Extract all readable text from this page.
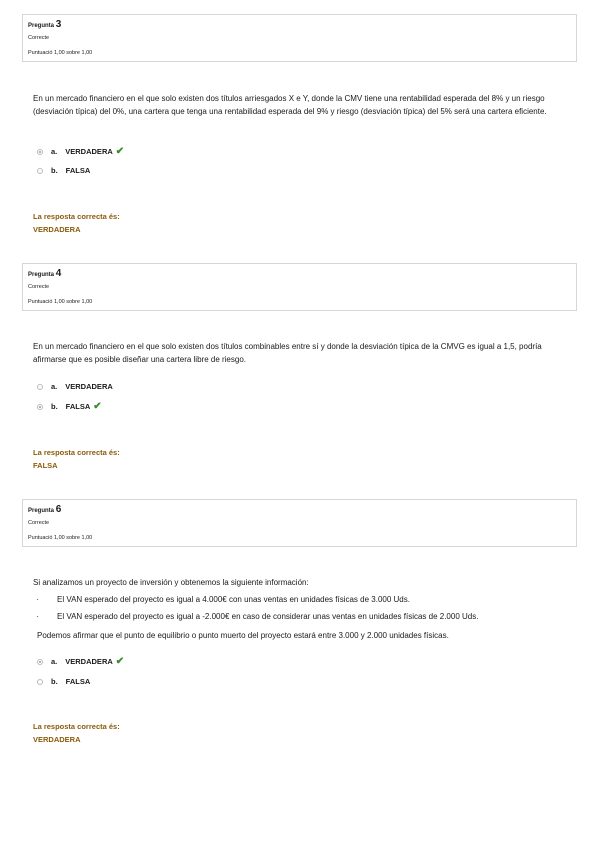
Pregunta 3
Correcte
Puntuació 1,00 sobre 1,00
En un mercado financiero en el que solo existen dos títulos arriesgados X e Y, donde la CMV tiene una rentabilidad esperada del 8% y un riesgo (desviación típica) del 0%, una cartera que tenga una rentabilidad esperada del 9% y riesgo (desviación típica) del 5% será una cartera eficiente.
a. VERDADERA ✔
b. FALSA
La resposta correcta és:
VERDADERA
Pregunta 4
Correcte
Puntuació 1,00 sobre 1,00
En un mercado financiero en el que solo existen dos títulos combinables entre sí y donde la desviación típica de la CMVG es igual a 1,5, podría afirmarse que es posible diseñar una cartera libre de riesgo.
a. VERDADERA
b. FALSA ✔
La resposta correcta és:
FALSA
Pregunta 6
Correcte
Puntuació 1,00 sobre 1,00
Si analizamos un proyecto de inversión y obtenemos la siguiente información:
· El VAN esperado del proyecto es igual a 4.000€ con unas ventas en unidades físicas de 3.000 Uds.
· El VAN esperado del proyecto es igual a -2.000€ en caso de considerar unas ventas en unidades físicas de 2.000 Uds.
Podemos afirmar que el punto de equilibrio o punto muerto del proyecto estará entre 3.000 y 2.000 unidades físicas.
a. VERDADERA ✔
b. FALSA
La resposta correcta és:
VERDADERA
